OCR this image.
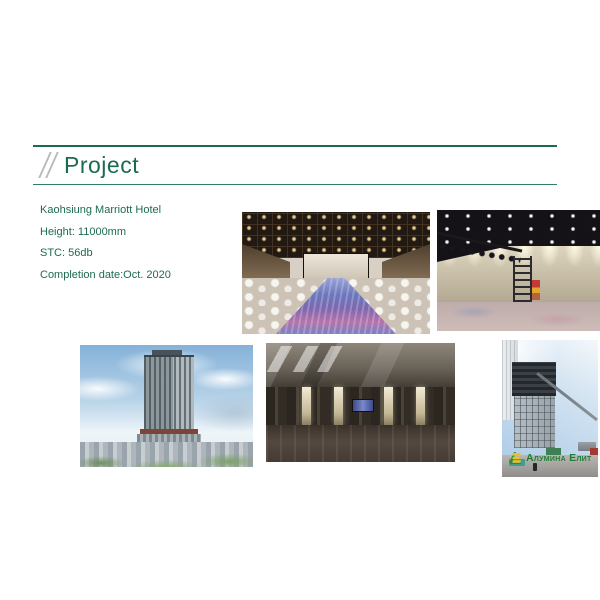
Project

Kaohsiung Marriott Hotel

Height: 11000mm

STC: 56db

Completion date:Oct. 2020

Алумина Елит
